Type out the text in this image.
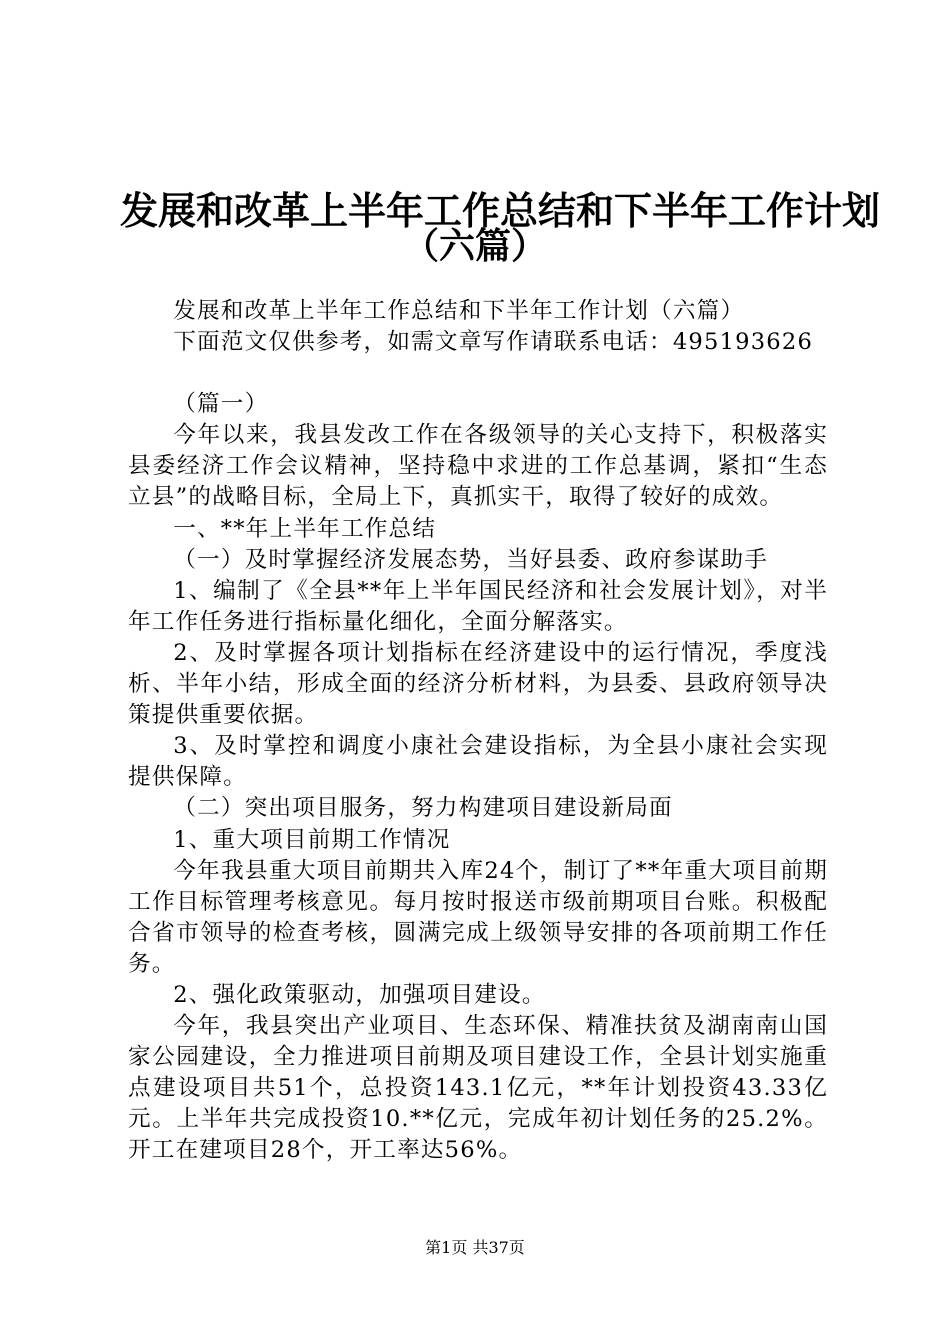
发展和改革上半年工作总结和下半年工作计划
（六篇）

发展和改革上半年工作总结和下半年工作计划（六篇）

下面范文仅供参考，如需文章写作请联系电话：495193626

（篇一）

今年以来，我县发改工作在各级领导的关心支持下，积极落实县委经济工作会议精神，坚持稳中求进的工作总基调，紧扣“生态立县”的战略目标，全局上下，真抓实干，取得了较好的成效。

一、**年上半年工作总结

（一）及时掌握经济发展态势，当好县委、政府参谋助手

1、编制了《全县**年上半年国民经济和社会发展计划》，对半年工作任务进行指标量化细化，全面分解落实。

2、及时掌握各项计划指标在经济建设中的运行情况，季度浅析、半年小结，形成全面的经济分析材料，为县委、县政府领导决策提供重要依据。

3、及时掌控和调度小康社会建设指标，为全县小康社会实现提供保障。

（二）突出项目服务，努力构建项目建设新局面

1、重大项目前期工作情况

今年我县重大项目前期共入库24个，制订了**年重大项目前期工作目标管理考核意见。每月按时报送市级前期项目台账。积极配合省市领导的检查考核，圆满完成上级领导安排的各项前期工作任务。

2、强化政策驱动，加强项目建设。

今年，我县突出产业项目、生态环保、精准扶贫及湖南南山国家公园建设，全力推进项目前期及项目建设工作，全县计划实施重点建设项目共51个，总投资143.1亿元，**年计划投资43.33亿元。上半年共完成投资10.**亿元，完成年初计划任务的25.2%。开工在建项目28个，开工率达56%。

第1页 共37页
